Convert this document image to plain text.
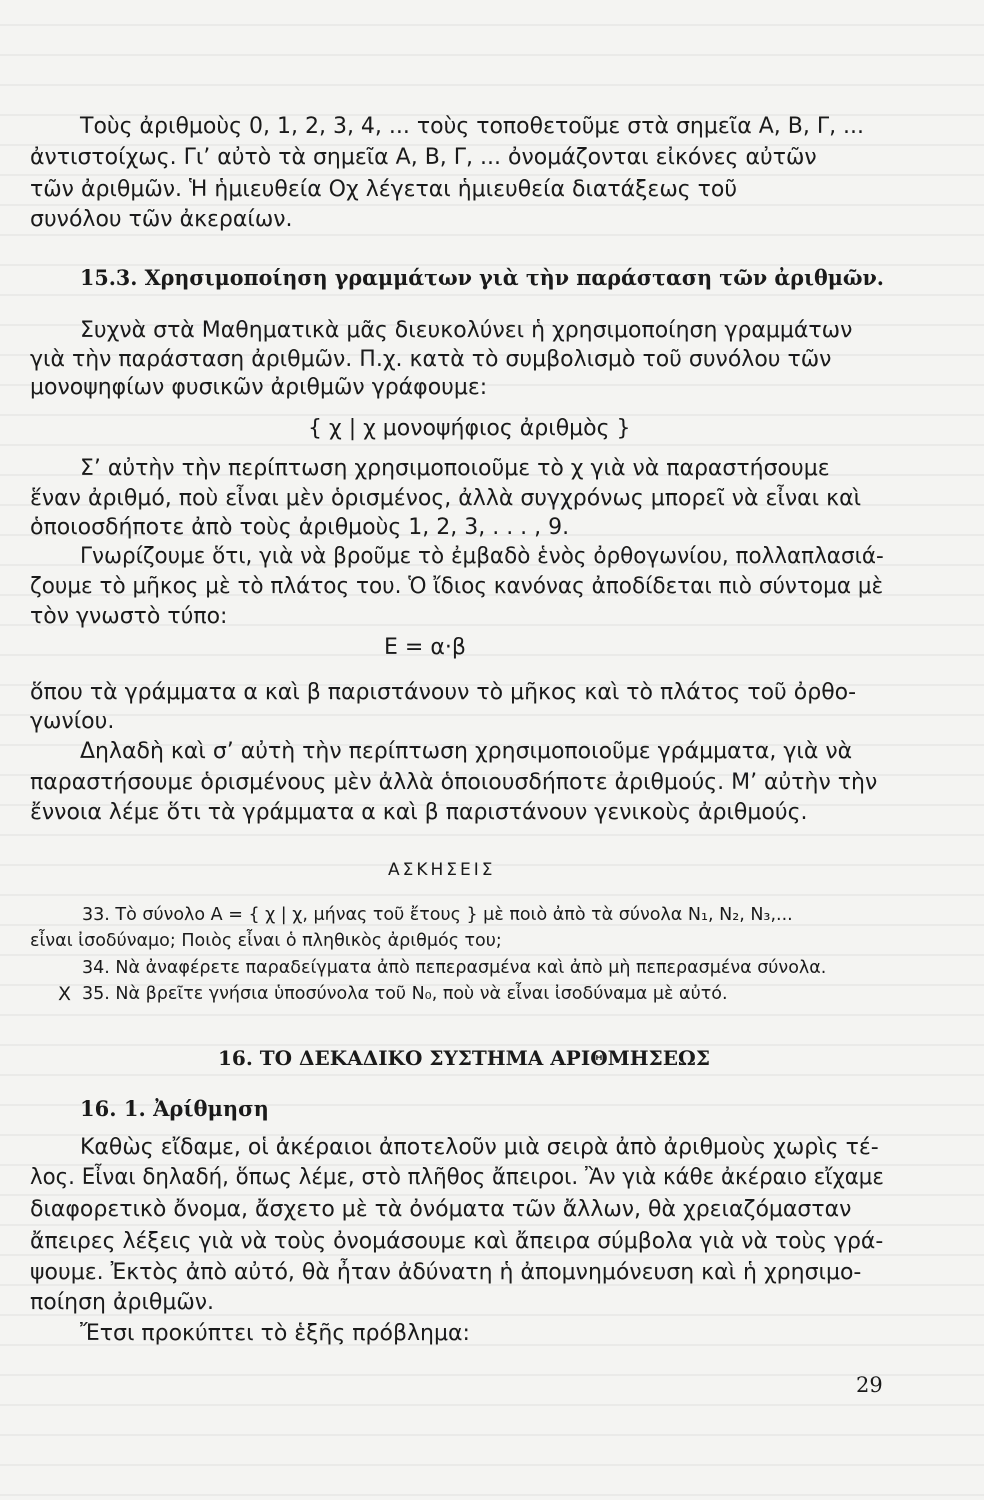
Τοὺς ἀριθμοὺς 0, 1, 2, 3, 4, ... τοὺς τοποθετοῦμε στὰ σημεῖα Α, Β, Γ, ...
ἀντιστοίχως. Γι’ αὐτὸ τὰ σημεῖα Α, Β, Γ, ... ὀνομάζονται εἰκόνες αὐτῶν
τῶν ἀριθμῶν. Ἡ ἡμιευθεία Οχ λέγεται ἡμιευθεία διατάξεως τοῦ
συνόλου τῶν ἀκεραίων.
15.3. Χρησιμοποίηση γραμμάτων γιὰ τὴν παράσταση τῶν ἀριθμῶν.
Συχνὰ στὰ Μαθηματικὰ μᾶς διευκολύνει ἡ χρησιμοποίηση γραμμάτων
γιὰ τὴν παράσταση ἀριθμῶν. Π.χ. κατὰ τὸ συμβολισμὸ τοῦ συνόλου τῶν
μονοψηφίων φυσικῶν ἀριθμῶν γράφουμε:
{ χ | χ μονοψήφιος ἀριθμὸς }
Σ’ αὐτὴν τὴν περίπτωση χρησιμοποιοῦμε τὸ χ γιὰ νὰ παραστήσουμε
ἕναν ἀριθμό, ποὺ εἶναι μὲν ὁρισμένος, ἀλλὰ συγχρόνως μπορεῖ νὰ εἶναι καὶ
ὁποιοσδήποτε ἀπὸ τοὺς ἀριθμοὺς 1, 2, 3, . . . , 9.
Γνωρίζουμε ὅτι, γιὰ νὰ βροῦμε τὸ ἐμβαδὸ ἑνὸς ὀρθογωνίου, πολλαπλασιά-
ζουμε τὸ μῆκος μὲ τὸ πλάτος του. Ὁ ἴδιος κανόνας ἀποδίδεται πιὸ σύντομα μὲ
τὸν γνωστὸ τύπο:
Ε = α·β
ὅπου τὰ γράμματα α καὶ β παριστάνουν τὸ μῆκος καὶ τὸ πλάτος τοῦ ὀρθο-
γωνίου.
Δηλαδὴ καὶ σ’ αὐτὴ τὴν περίπτωση χρησιμοποιοῦμε γράμματα, γιὰ νὰ
παραστήσουμε ὁρισμένους μὲν ἀλλὰ ὁποιουσδήποτε ἀριθμούς. Μ’ αὐτὴν τὴν
ἔννοια λέμε ὅτι τὰ γράμματα α καὶ β παριστάνουν γενικοὺς ἀριθμούς.
ΑΣΚΗΣΕΙΣ
33. Τὸ σύνολο Α = { χ | χ, μήνας τοῦ ἔτους } μὲ ποιὸ ἀπὸ τὰ σύνολα Ν₁, Ν₂, Ν₃,...
εἶναι ἰσοδύναμο; Ποιὸς εἶναι ὁ πληθικὸς ἀριθμός του;
34. Νὰ ἀναφέρετε παραδείγματα ἀπὸ πεπερασμένα καὶ ἀπὸ μὴ πεπερασμένα σύνολα.
Χ 35. Νὰ βρεῖτε γνήσια ὑποσύνολα τοῦ Ν₀, ποὺ νὰ εἶναι ἰσοδύναμα μὲ αὐτό.
16. ΤΟ ΔΕΚΑΔΙΚΟ ΣΥΣΤΗΜΑ ΑΡΙΘΜΗΣΕΩΣ
16. 1. Ἀρίθμηση
Καθὼς εἴδαμε, οἱ ἀκέραιοι ἀποτελοῦν μιὰ σειρὰ ἀπὸ ἀριθμοὺς χωρὶς τέ-
λος. Εἶναι δηλαδή, ὅπως λέμε, στὸ πλῆθος ἄπειροι. Ἂν γιὰ κάθε ἀκέραιο εἴχαμε
διαφορετικὸ ὄνομα, ἄσχετο μὲ τὰ ὀνόματα τῶν ἄλλων, θὰ χρειαζόμασταν
ἄπειρες λέξεις γιὰ νὰ τοὺς ὀνομάσουμε καὶ ἄπειρα σύμβολα γιὰ νὰ τοὺς γρά-
ψουμε. Ἐκτὸς ἀπὸ αὐτό, θὰ ἦταν ἀδύνατη ἡ ἀπομνημόνευση καὶ ἡ χρησιμο-
ποίηση ἀριθμῶν.
Ἔτσι προκύπτει τὸ ἑξῆς πρόβλημα:
29
